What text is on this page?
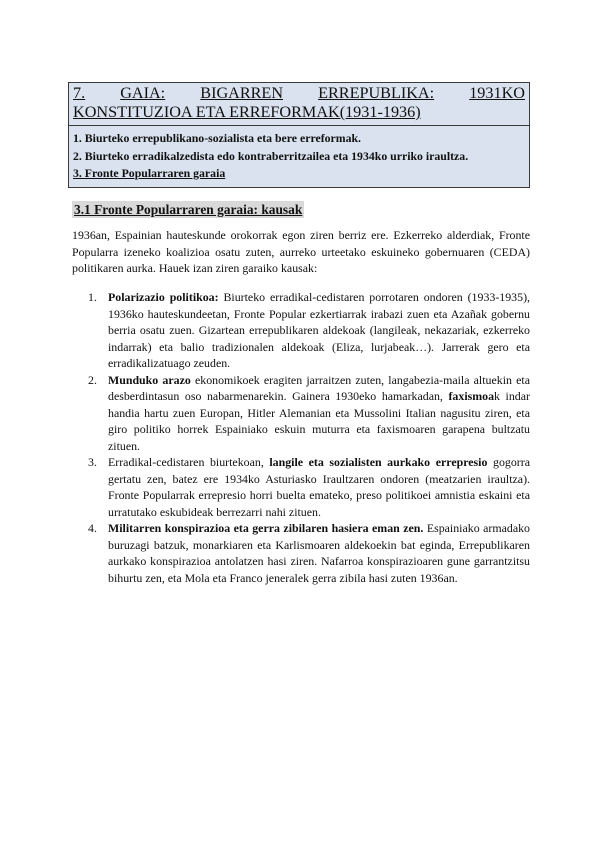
7. GAIA: BIGARREN ERREPUBLIKA: 1931KO
KONSTITUZIOA ETA ERREFORMAK(1931-1936)
1. Biurteko errepublikano-sozialista eta bere erreformak.
2. Biurteko erradikalzedista edo kontraberritzailea eta 1934ko urriko iraultza.
3. Fronte Popularraren garaia
3.1 Fronte Popularraren garaia: kausak

1936an, Espainian hauteskunde orokorrak egon ziren berriz ere. Ezkerreko alderdiak, Fronte Popularra izeneko koalizioa osatu zuten, aurreko urteetako eskuineko gobernuaren (CEDA) politikaren aurka. Hauek izan ziren garaiko kausak:

1. Polarizazio politikoa: Biurteko erradikal-cedistaren porrotaren ondoren (1933-1935), 1936ko hauteskundeetan, Fronte Popular ezkertiarrak irabazi zuen eta Azañak gobernu berria osatu zuen. Gizartean errepublikaren aldekoak (langileak, nekazariak, ezkerreko indarrak) eta balio tradizionalen aldekoak (Eliza, lurjabeak…). Jarrerak gero eta erradikalizatuago zeuden.
2. Munduko arazo ekonomikoek eragiten jarraitzen zuten, langabezia-maila altuekin eta desberdintasun oso nabarmenarekin. Gainera 1930eko hamarkadan, faxismoak indar handia hartu zuen Europan, Hitler Alemanian eta Mussolini Italian nagusitu ziren, eta giro politiko horrek Espainiako eskuin muturra eta faxismoaren garapena bultzatu zituen.
3. Erradikal-cedistaren biurtekoan, langile eta sozialisten aurkako errepresio gogorra gertatu zen, batez ere 1934ko Asturiasko Iraultzaren ondoren (meatzarien iraultza). Fronte Popularrak errepresio horri buelta emateko, preso politikoei amnistia eskaini eta urratutako eskubideak berrezarri nahi zituen.
4. Militarren konspirazioa eta gerra zibilaren hasiera eman zen. Espainiako armadako buruzagi batzuk, monarkiaren eta Karlismoaren aldekoekin bat eginda, Errepublikaren aurkako konspirazioa antolatzen hasi ziren. Nafarroa konspirazioaren gune garrantzitsu bihurtu zen, eta Mola eta Franco jeneralek gerra zibila hasi zuten 1936an.
